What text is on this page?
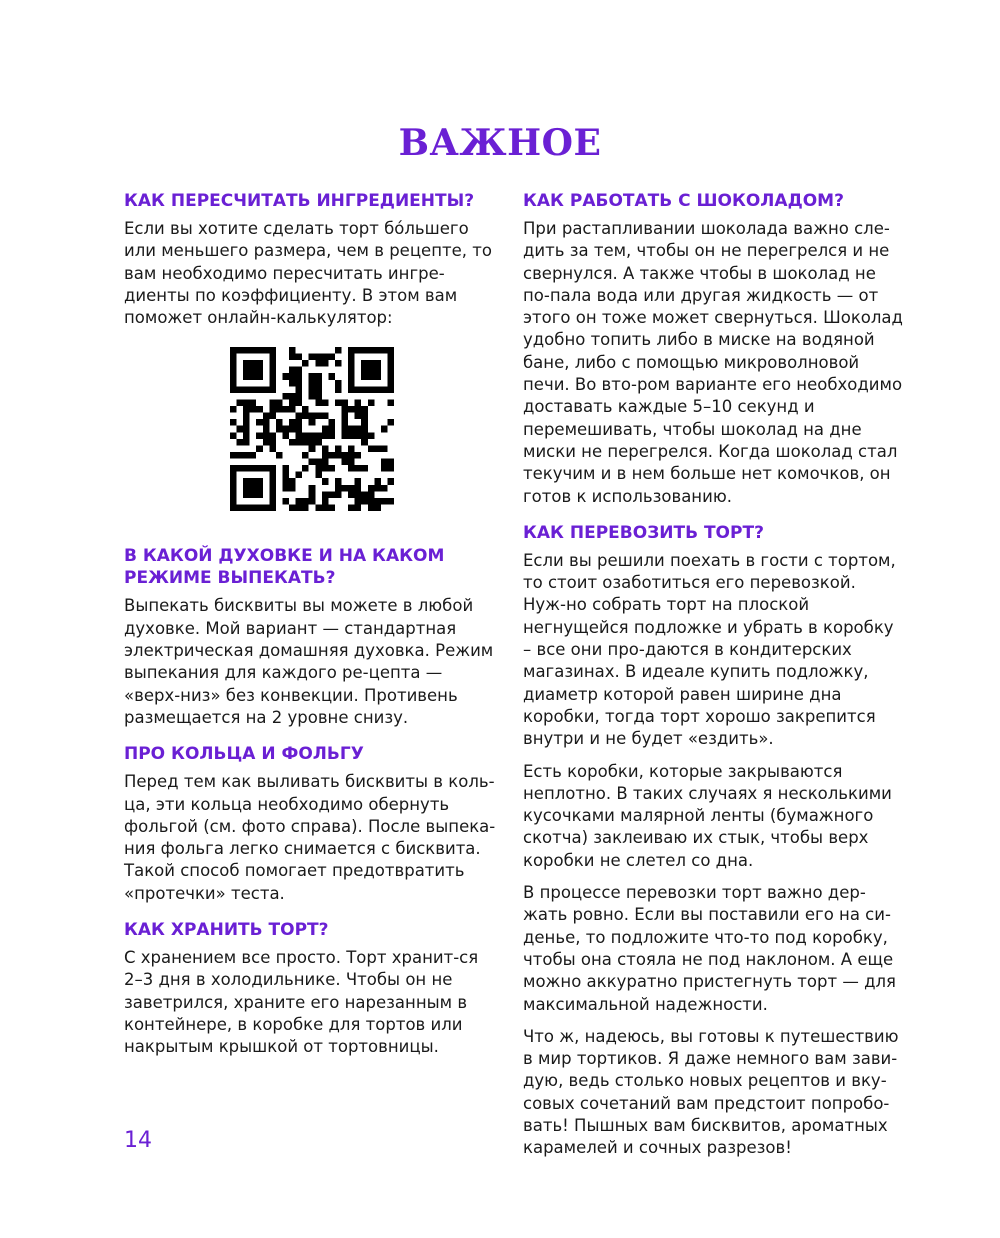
ВАЖНОЕ
КАК ПЕРЕСЧИТАТЬ ИНГРЕДИЕНТЫ?

Если вы хотите сделать торт бóльшего или меньшего размера, чем в рецепте, то вам необходимо пересчитать ингре-диенты по коэффициенту. В этом вам поможет онлайн-калькулятор:

В КАКОЙ ДУХОВКЕ И НА КАКОМ РЕЖИМЕ ВЫПЕКАТЬ?

Выпекать бисквиты вы можете в любой духовке. Мой вариант — стандартная электрическая домашняя духовка. Режим выпекания для каждого ре-цепта — «верх-низ» без конвекции. Противень размещается на 2 уровне снизу.

ПРО КОЛЬЦА И ФОЛЬГУ

Перед тем как выливать бисквиты в коль-ца, эти кольца необходимо обернуть фольгой (см. фото справа). После выпека-ния фольга легко снимается с бисквита. Такой способ помогает предотвратить «протечки» теста.

КАК ХРАНИТЬ ТОРТ?

С хранением все просто. Торт хранит-ся 2–3 дня в холодильнике. Чтобы он не заветрился, храните его нарезанным в контейнере, в коробке для тортов или накрытым крышкой от тортовницы.

КАК РАБОТАТЬ С ШОКОЛАДОМ?

При растапливании шоколада важно сле-дить за тем, чтобы он не перегрелся и не свернулся. А также чтобы в шоколад не по-пала вода или другая жидкость — от этого он тоже может свернуться. Шоколад удобно топить либо в миске на водяной бане, либо с помощью микроволновой печи. Во вто-ром варианте его необходимо доставать каждые 5–10 секунд и перемешивать, чтобы шоколад на дне миски не перегрелся. Когда шоколад стал текучим и в нем больше нет комочков, он готов к использованию.

КАК ПЕРЕВОЗИТЬ ТОРТ?

Если вы решили поехать в гости с тортом, то стоит озаботиться его перевозкой. Нуж-но собрать торт на плоской негнущейся подложке и убрать в коробку – все они про-даются в кондитерских магазинах. В идеале купить подложку, диаметр которой равен ширине дна коробки, тогда торт хорошо закрепится внутри и не будет «ездить».

Есть коробки, которые закрываются неплотно. В таких случаях я несколькими кусочками малярной ленты (бумажного скотча) заклеиваю их стык, чтобы верх коробки не слетел со дна.

В процессе перевозки торт важно дер-жать ровно. Если вы поставили его на си-денье, то подложите что-то под коробку, чтобы она стояла не под наклоном. А еще можно аккуратно пристегнуть торт — для максимальной надежности.

Что ж, надеюсь, вы готовы к путешествию в мир тортиков. Я даже немного вам зави-дую, ведь столько новых рецептов и вку-совых сочетаний вам предстоит попробо-вать! Пышных вам бисквитов, ароматных карамелей и сочных разрезов!

14
